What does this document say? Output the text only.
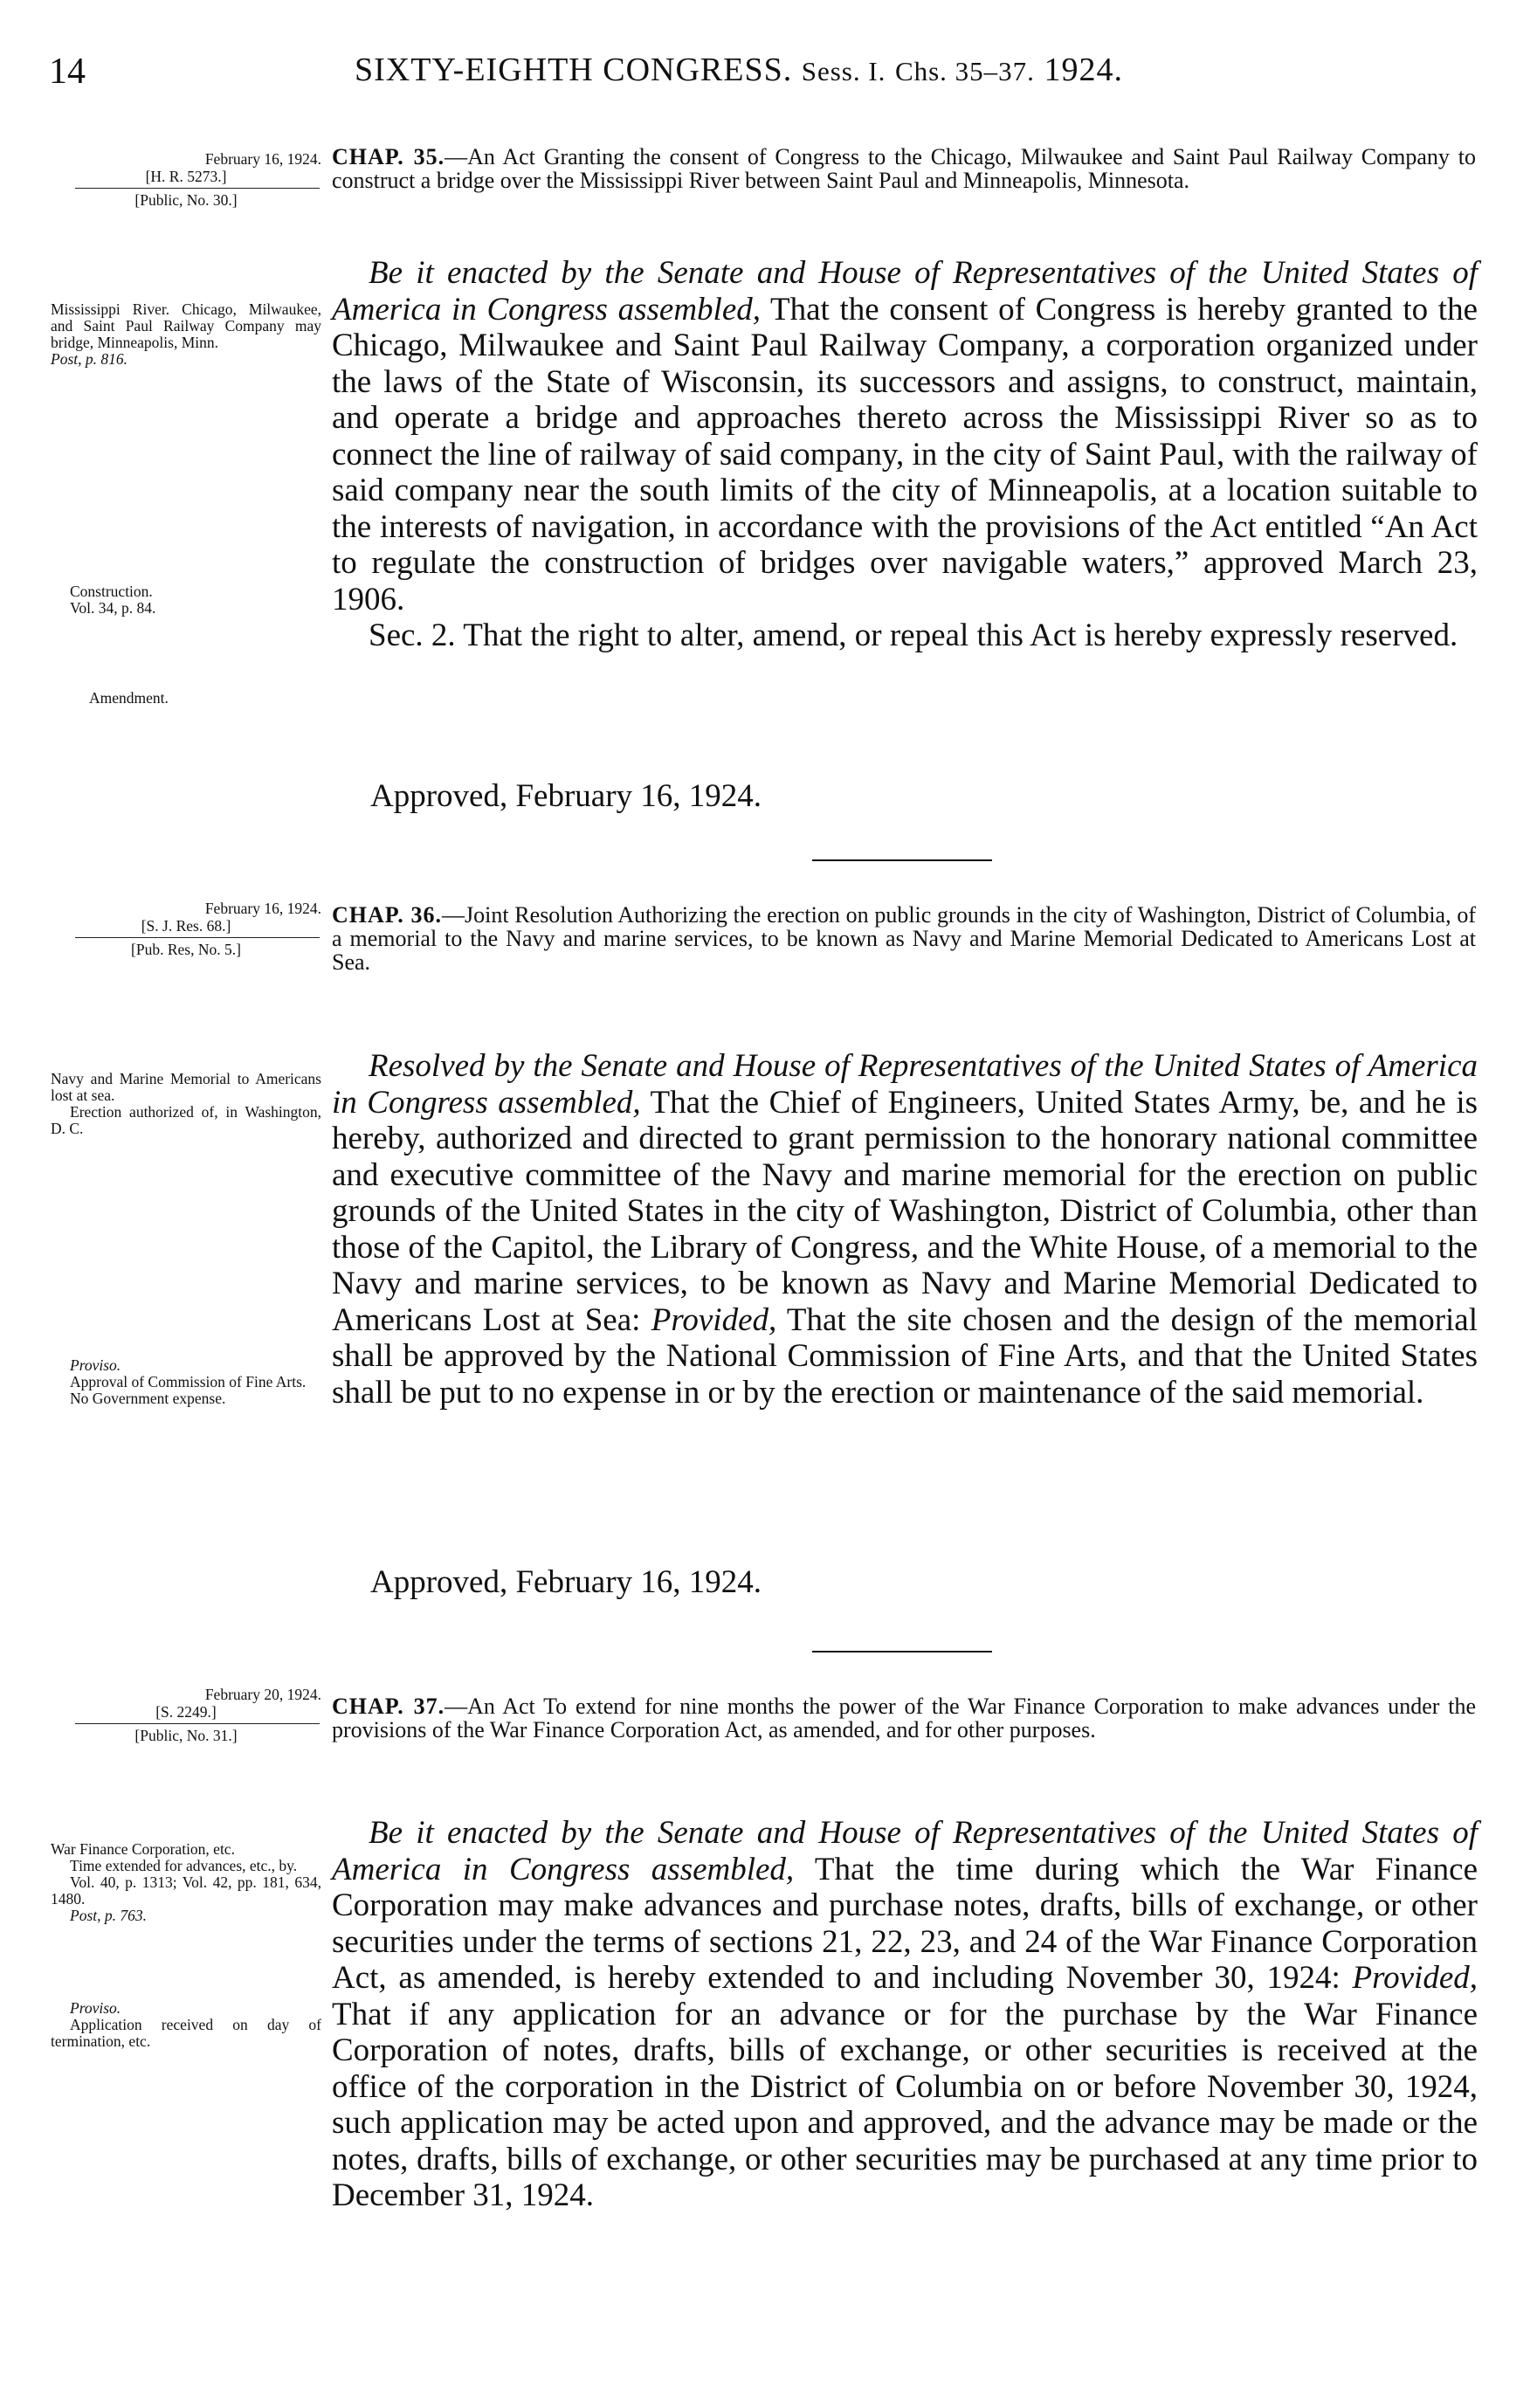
14	SIXTY-EIGHTH CONGRESS. Sess. I. Chs. 35–37. 1924.
February 16, 1924.
[H. R. 5273.]
[Public, No. 30.]
CHAP. 35.—An Act Granting the consent of Congress to the Chicago, Milwaukee and Saint Paul Railway Company to construct a bridge over the Mississippi River between Saint Paul and Minneapolis, Minnesota.

Mississippi River. Chicago, Milwaukee, and Saint Paul Railway Company may bridge, Minneapolis, Minn.

Post, p. 816.

Construction.

Vol. 34, p. 84.

Amendment.

Be it enacted by the Senate and House of Representatives of the United States of America in Congress assembled, That the consent of Congress is hereby granted to the Chicago, Milwaukee and Saint Paul Railway Company, a corporation organized under the laws of the State of Wisconsin, its successors and assigns, to construct, maintain, and operate a bridge and approaches thereto across the Mississippi River so as to connect the line of railway of said company, in the city of Saint Paul, with the railway of said company near the south limits of the city of Minneapolis, at a location suitable to the interests of navigation, in accordance with the provisions of the Act entitled “An Act to regulate the construction of bridges over navigable waters,” approved March 23, 1906.

Sec. 2. That the right to alter, amend, or repeal this Act is hereby expressly reserved.

Approved, February 16, 1924.
February 16, 1924.
[S. J. Res. 68.]
[Pub. Res, No. 5.]
CHAP. 36.—Joint Resolution Authorizing the erection on public grounds in the city of Washington, District of Columbia, of a memorial to the Navy and marine services, to be known as Navy and Marine Memorial Dedicated to Americans Lost at Sea.

Navy and Marine Memorial to Americans lost at sea.

Erection authorized of, in Washington, D. C.

Proviso.

Approval of Commission of Fine Arts.

No Government expense.

Resolved by the Senate and House of Representatives of the United States of America in Congress assembled, That the Chief of Engineers, United States Army, be, and he is hereby, authorized and directed to grant permission to the honorary national committee and executive committee of the Navy and marine memorial for the erection on public grounds of the United States in the city of Washington, District of Columbia, other than those of the Capitol, the Library of Congress, and the White House, of a memorial to the Navy and marine services, to be known as Navy and Marine Memorial Dedicated to Americans Lost at Sea: Provided, That the site chosen and the design of the memorial shall be approved by the National Commission of Fine Arts, and that the United States shall be put to no expense in or by the erection or maintenance of the said memorial.

Approved, February 16, 1924.
February 20, 1924.
[S. 2249.]
[Public, No. 31.]
CHAP. 37.—An Act To extend for nine months the power of the War Finance Corporation to make advances under the provisions of the War Finance Corporation Act, as amended, and for other purposes.

War Finance Corporation, etc.

Time extended for advances, etc., by.

Vol. 40, p. 1313; Vol. 42, pp. 181, 634, 1480.

Post, p. 763.

Proviso.

Application received on day of termination, etc.

Be it enacted by the Senate and House of Representatives of the United States of America in Congress assembled, That the time during which the War Finance Corporation may make advances and purchase notes, drafts, bills of exchange, or other securities under the terms of sections 21, 22, 23, and 24 of the War Finance Corporation Act, as amended, is hereby extended to and including November 30, 1924: Provided, That if any application for an advance or for the purchase by the War Finance Corporation of notes, drafts, bills of exchange, or other securities is received at the office of the corporation in the District of Columbia on or before November 30, 1924, such application may be acted upon and approved, and the advance may be made or the notes, drafts, bills of exchange, or other securities may be purchased at any time prior to December 31, 1924.
